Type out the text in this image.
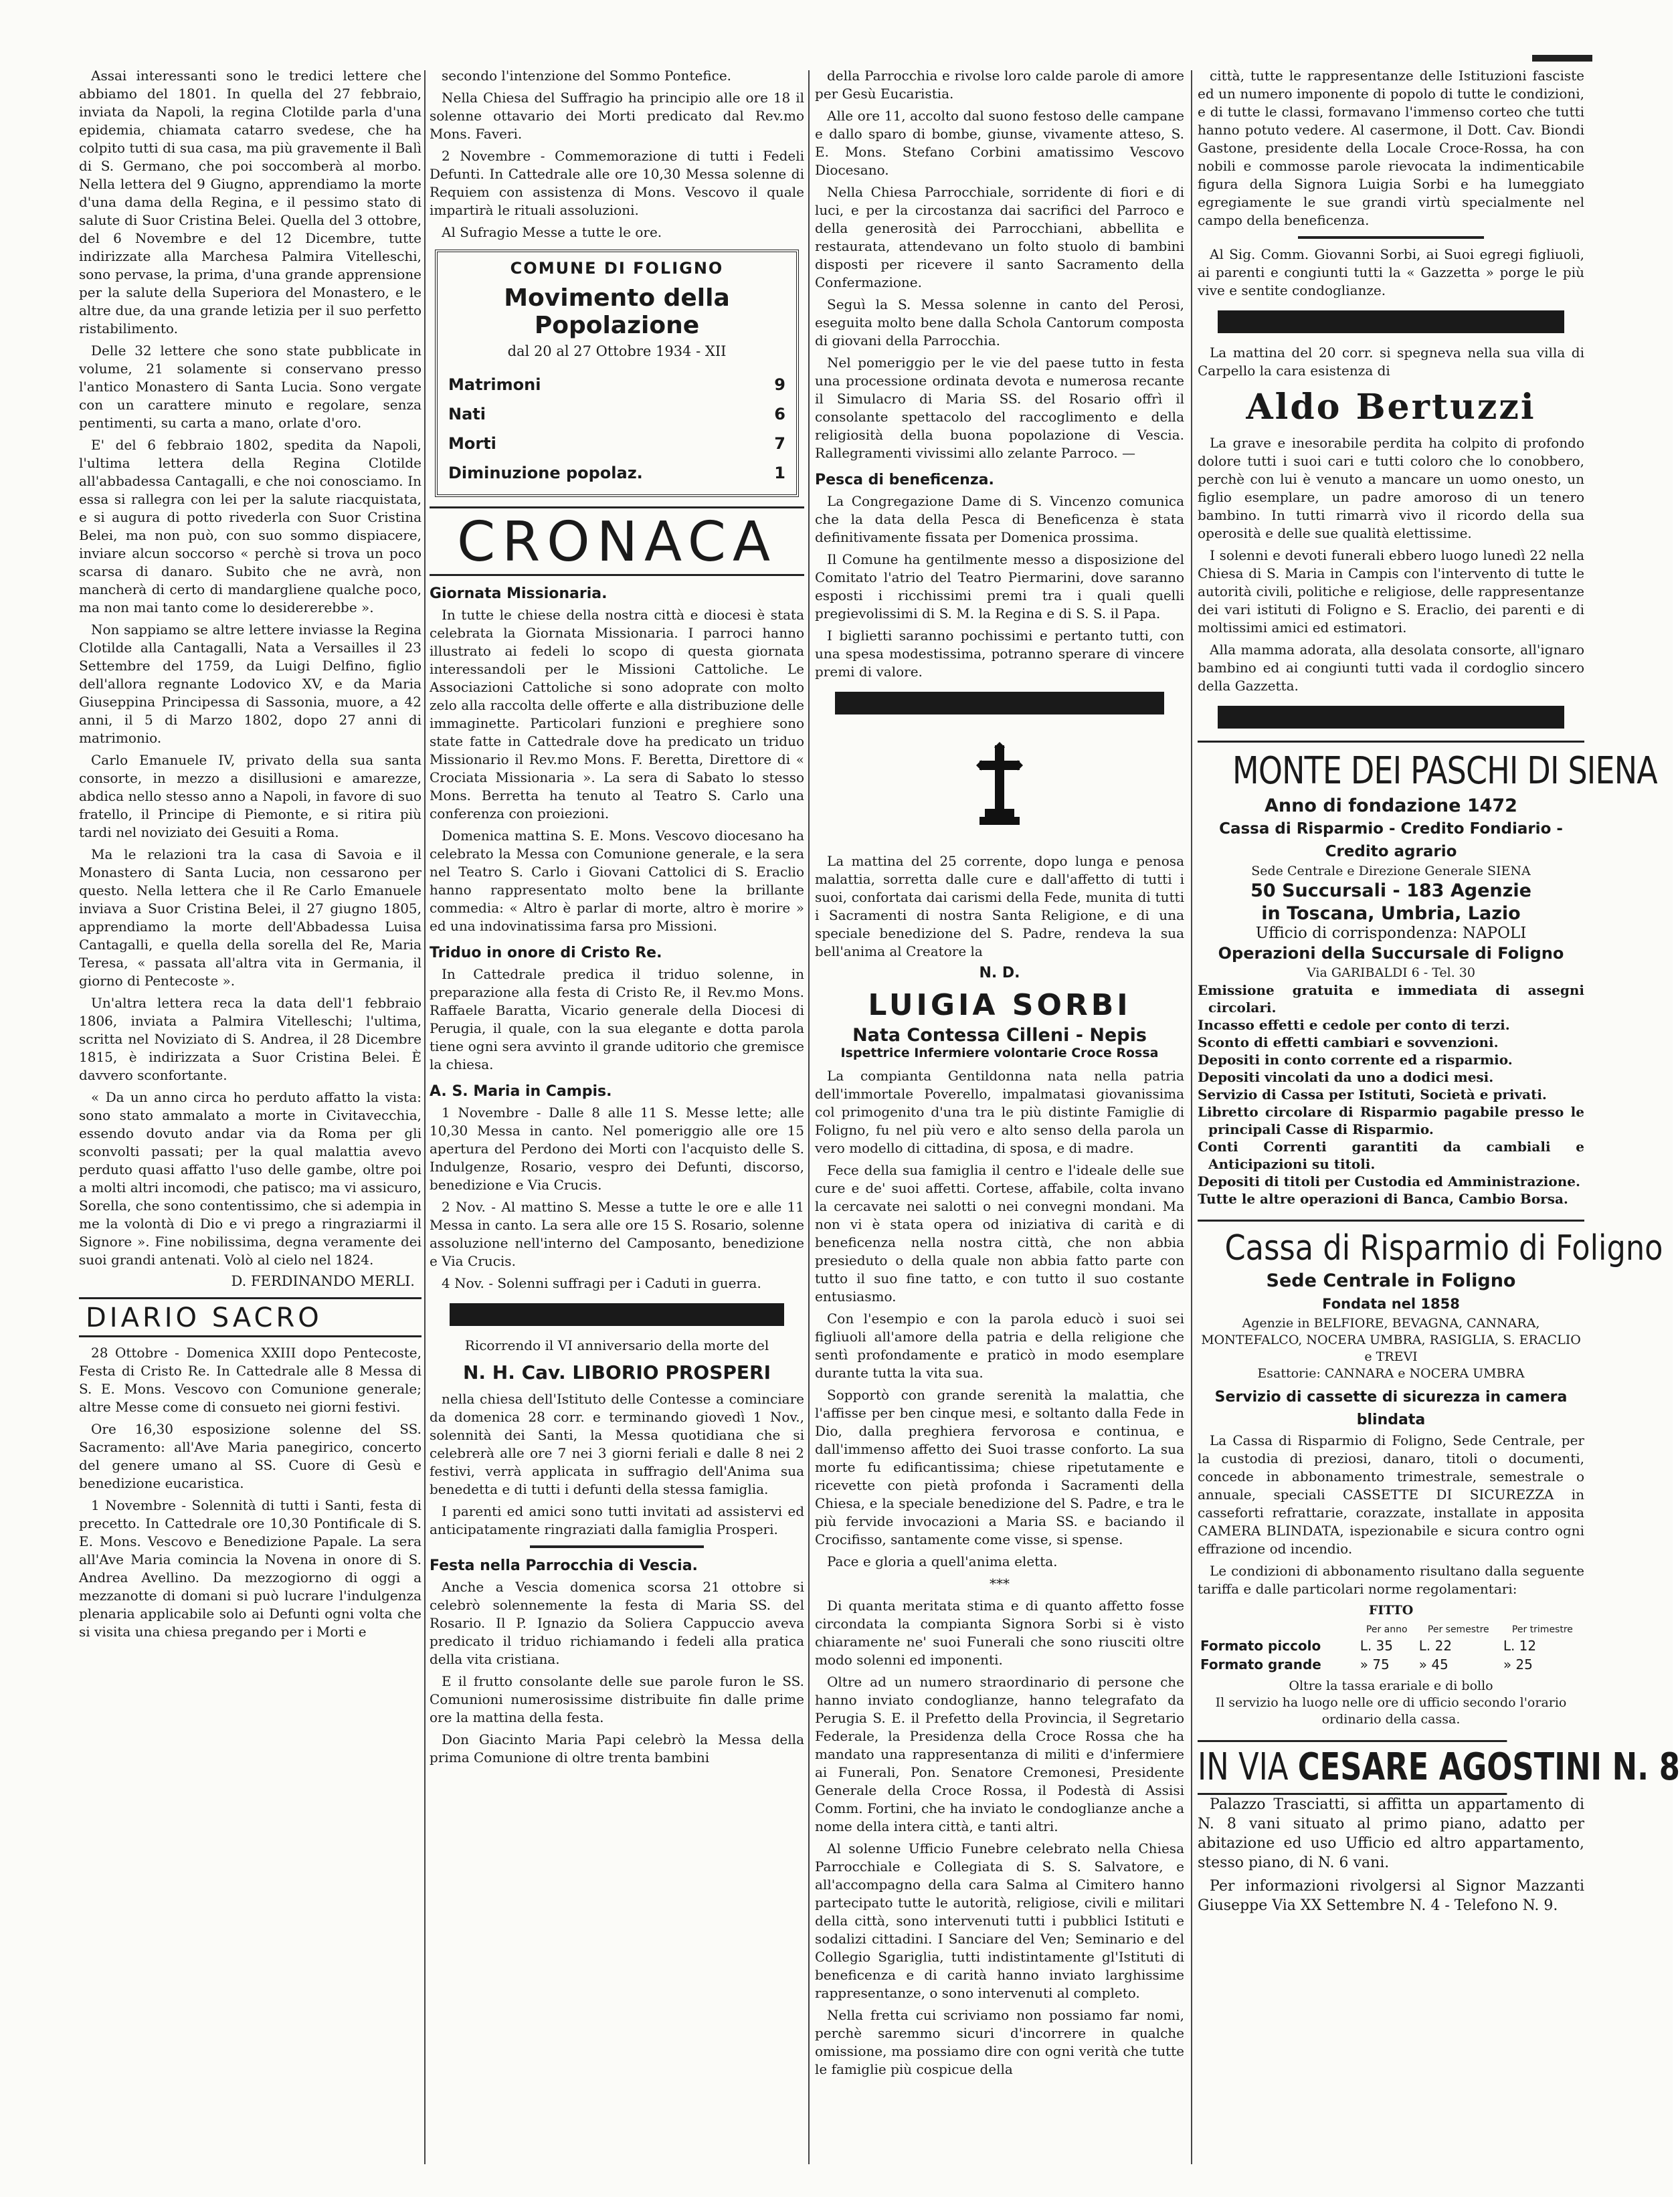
Assai interessanti sono le tredici lettere che abbiamo del 1801. In quella del 27 febbraio, inviata da Napoli, la regina Clotilde parla d'una epidemia, chiamata catarro svedese, che ha colpito tutti di sua casa, ma più gravemente il Balì di S. Germano, che poi soccomberà al morbo. Nella lettera del 9 Giugno, apprendiamo la morte d'una dama della Regina, e il pessimo stato di salute di Suor Cristina Belei. Quella del 3 ottobre, del 6 Novembre e del 12 Dicembre, tutte indirizzate alla Marchesa Palmira Vitelleschi, sono pervase, la prima, d'una grande apprensione per la salute della Superiora del Monastero, e le altre due, da una grande letizia per il suo perfetto ristabilimento.

Delle 32 lettere che sono state pubblicate in volume, 21 solamente si conservano presso l'antico Monastero di Santa Lucia. Sono vergate con un carattere minuto e regolare, senza pentimenti, su carta a mano, orlate d'oro.

E' del 6 febbraio 1802, spedita da Napoli, l'ultima lettera della Regina Clotilde all'abbadessa Cantagalli, e che noi conosciamo. In essa si rallegra con lei per la salute riacquistata, e si augura di potto rivederla con Suor Cristina Belei, ma non può, con suo sommo dispiacere, inviare alcun soccorso « perchè si trova un poco scarsa di danaro. Subito che ne avrà, non mancherà di certo di mandargliene qualche poco, ma non mai tanto come lo desidererebbe ».

Non sappiamo se altre lettere inviasse la Regina Clotilde alla Cantagalli, Nata a Versailles il 23 Settembre del 1759, da Luigi Delfino, figlio dell'allora regnante Lodovico XV, e da Maria Giuseppina Principessa di Sassonia, muore, a 42 anni, il 5 di Marzo 1802, dopo 27 anni di matrimonio.

Carlo Emanuele IV, privato della sua santa consorte, in mezzo a disillusioni e amarezze, abdica nello stesso anno a Napoli, in favore di suo fratello, il Principe di Piemonte, e si ritira più tardi nel noviziato dei Gesuiti a Roma.

Ma le relazioni tra la casa di Savoia e il Monastero di Santa Lucia, non cessarono per questo. Nella lettera che il Re Carlo Emanuele inviava a Suor Cristina Belei, il 27 giugno 1805, apprendiamo la morte dell'Abbadessa Luisa Cantagalli, e quella della sorella del Re, Maria Teresa, « passata all'altra vita in Germania, il giorno di Pentecoste ».

Un'altra lettera reca la data dell'1 febbraio 1806, inviata a Palmira Vitelleschi; l'ultima, scritta nel Noviziato di S. Andrea, il 28 Dicembre 1815, è indirizzata a Suor Cristina Belei. È davvero sconfortante.

« Da un anno circa ho perduto affatto la vista: sono stato ammalato a morte in Civitavecchia, essendo dovuto andar via da Roma per gli sconvolti passati; per la qual malattia avevo perduto quasi affatto l'uso delle gambe, oltre poi a molti altri incomodi, che patisco; ma vi assicuro, Sorella, che sono contentissimo, che si adempia in me la volontà di Dio e vi prego a ringraziarmi il Signore ». Fine nobilissima, degna veramente dei suoi grandi antenati. Volò al cielo nel 1824.

D. FERDINANDO MERLI.
DIARIO SACRO

28 Ottobre - Domenica XXIII dopo Pentecoste, Festa di Cristo Re. In Cattedrale alle 8 Messa di S. E. Mons. Vescovo con Comunione generale; altre Messe come di consueto nei giorni festivi.

Ore 16,30 esposizione solenne del SS. Sacramento: all'Ave Maria panegirico, concerto del genere umano al SS. Cuore di Gesù e benedizione eucaristica.

1 Novembre - Solennità di tutti i Santi, festa di precetto. In Cattedrale ore 10,30 Pontificale di S. E. Mons. Vescovo e Benedizione Papale. La sera all'Ave Maria comincia la Novena in onore di S. Andrea Avellino. Da mezzogiorno di oggi a mezzanotte di domani si può lucrare l'indulgenza plenaria applicabile solo ai Defunti ogni volta che si visita una chiesa pregando per i Morti e

secondo l'intenzione del Sommo Pontefice.

Nella Chiesa del Suffragio ha principio alle ore 18 il solenne ottavario dei Morti predicato dal Rev.mo Mons. Faveri.

2 Novembre - Commemorazione di tutti i Fedeli Defunti. In Cattedrale alle ore 10,30 Messa solenne di Requiem con assistenza di Mons. Vescovo il quale impartirà le rituali assoluzioni.

Al Sufragio Messe a tutte le ore.

COMUNE DI FOLIGNO
Movimento della Popolazione
dal 20 al 27 Ottobre 1934 - XII
Matrimoni	9
Nati	6
Morti	7
Diminuzione popolaz.	1
CRONACA
Giornata Missionaria.

In tutte le chiese della nostra città e diocesi è stata celebrata la Giornata Missionaria. I parroci hanno illustrato ai fedeli lo scopo di questa giornata interessandoli per le Missioni Cattoliche. Le Associazioni Cattoliche si sono adoprate con molto zelo alla raccolta delle offerte e alla distribuzione delle immaginette. Particolari funzioni e preghiere sono state fatte in Cattedrale dove ha predicato un triduo Missionario il Rev.mo Mons. F. Beretta, Direttore di « Crociata Missionaria ». La sera di Sabato lo stesso Mons. Berretta ha tenuto al Teatro S. Carlo una conferenza con proiezioni.

Domenica mattina S. E. Mons. Vescovo diocesano ha celebrato la Messa con Comunione generale, e la sera nel Teatro S. Carlo i Giovani Cattolici di S. Eraclio hanno rappresentato molto bene la brillante commedia: « Altro è parlar di morte, altro è morire » ed una indovinatissima farsa pro Missioni.

Triduo in onore di Cristo Re.

In Cattedrale predica il triduo solenne, in preparazione alla festa di Cristo Re, il Rev.mo Mons. Raffaele Baratta, Vicario generale della Diocesi di Perugia, il quale, con la sua elegante e dotta parola tiene ogni sera avvinto il grande uditorio che gremisce la chiesa.

A. S. Maria in Campis.

1 Novembre - Dalle 8 alle 11 S. Messe lette; alle 10,30 Messa in canto. Nel pomeriggio alle ore 15 apertura del Perdono dei Morti con l'acquisto delle S. Indulgenze, Rosario, vespro dei Defunti, discorso, benedizione e Via Crucis.

2 Nov. - Al mattino S. Messe a tutte le ore e alle 11 Messa in canto. La sera alle ore 15 S. Rosario, solenne assoluzione nell'interno del Camposanto, benedizione e Via Crucis.

4 Nov. - Solenni suffragi per i Caduti in guerra.

Ricorrendo il VI anniversario della morte del

N. H. Cav. LIBORIO PROSPERI

nella chiesa dell'Istituto delle Contesse a cominciare da domenica 28 corr. e terminando giovedì 1 Nov., solennità dei Santi, la Messa quotidiana che si celebrerà alle ore 7 nei 3 giorni feriali e dalle 8 nei 2 festivi, verrà applicata in suffragio dell'Anima sua benedetta e di tutti i defunti della stessa famiglia.

I parenti ed amici sono tutti invitati ad assistervi ed anticipatamente ringraziati dalla famiglia Prosperi.

Festa nella Parrocchia di Vescia.

Anche a Vescia domenica scorsa 21 ottobre si celebrò solennemente la festa di Maria SS. del Rosario. Il P. Ignazio da Soliera Cappuccio aveva predicato il triduo richiamando i fedeli alla pratica della vita cristiana.

E il frutto consolante delle sue parole furon le SS. Comunioni numerosissime distribuite fin dalle prime ore la mattina della festa.

Don Giacinto Maria Papi celebrò la Messa della prima Comunione di oltre trenta bambini

della Parrocchia e rivolse loro calde parole di amore per Gesù Eucaristia.

Alle ore 11, accolto dal suono festoso delle campane e dallo sparo di bombe, giunse, vivamente atteso, S. E. Mons. Stefano Corbini amatissimo Vescovo Diocesano.

Nella Chiesa Parrocchiale, sorridente di fiori e di luci, e per la circostanza dai sacrifici del Parroco e della generosità dei Parrocchiani, abbellita e restaurata, attendevano un folto stuolo di bambini disposti per ricevere il santo Sacramento della Confermazione.

Seguì la S. Messa solenne in canto del Perosi, eseguita molto bene dalla Schola Cantorum composta di giovani della Parrocchia.

Nel pomeriggio per le vie del paese tutto in festa una processione ordinata devota e numerosa recante il Simulacro di Maria SS. del Rosario offrì il consolante spettacolo del raccoglimento e della religiosità della buona popolazione di Vescia. Rallegramenti vivissimi allo zelante Parroco. —

Pesca di beneficenza.

La Congregazione Dame di S. Vincenzo comunica che la data della Pesca di Beneficenza è stata definitivamente fissata per Domenica prossima.

Il Comune ha gentilmente messo a disposizione del Comitato l'atrio del Teatro Piermarini, dove saranno esposti i ricchissimi premi tra i quali quelli pregievolissimi di S. M. la Regina e di S. S. il Papa.

I biglietti saranno pochissimi e pertanto tutti, con una spesa modestissima, potranno sperare di vincere premi di valore.

La mattina del 25 corrente, dopo lunga e penosa malattia, sorretta dalle cure e dall'affetto di tutti i suoi, confortata dai carismi della Fede, munita di tutti i Sacramenti di nostra Santa Religione, e di una speciale benedizione del S. Padre, rendeva la sua bell'anima al Creatore la

N. D.
LUIGIA SORBI
Nata Contessa Cilleni - Nepis
Ispettrice Infermiere volontarie Croce Rossa

La compianta Gentildonna nata nella patria dell'immortale Poverello, impalmatasi giovanissima col primogenito d'una tra le più distinte Famiglie di Foligno, fu nel più vero e alto senso della parola un vero modello di cittadina, di sposa, e di madre.

Fece della sua famiglia il centro e l'ideale delle sue cure e de' suoi affetti. Cortese, affabile, colta invano la cercavate nei salotti o nei convegni mondani. Ma non vi è stata opera od iniziativa di carità e di beneficenza nella nostra città, che non abbia presieduto o della quale non abbia fatto parte con tutto il suo fine tatto, e con tutto il suo costante entusiasmo.

Con l'esempio e con la parola educò i suoi sei figliuoli all'amore della patria e della religione che sentì profondamente e praticò in modo esemplare durante tutta la vita sua.

Sopportò con grande serenità la malattia, che l'affisse per ben cinque mesi, e soltanto dalla Fede in Dio, dalla preghiera fervorosa e continua, e dall'immenso affetto dei Suoi trasse conforto. La sua morte fu edificantissima; chiese ripetutamente e ricevette con pietà profonda i Sacramenti della Chiesa, e la speciale benedizione del S. Padre, e tra le più fervide invocazioni a Maria SS. e baciando il Crocifisso, santamente come visse, si spense.

Pace e gloria a quell'anima eletta.

***

Di quanta meritata stima e di quanto affetto fosse circondata la compianta Signora Sorbi si è visto chiaramente ne' suoi Funerali che sono riusciti oltre modo solenni ed imponenti.

Oltre ad un numero straordinario di persone che hanno inviato condoglianze, hanno telegrafato da Perugia S. E. il Prefetto della Provincia, il Segretario Federale, la Presidenza della Croce Rossa che ha mandato una rappresentanza di militi e d'infermiere ai Funerali, Pon. Senatore Cremonesi, Presidente Generale della Croce Rossa, il Podestà di Assisi Comm. Fortini, che ha inviato le condoglianze anche a nome della intera città, e tanti altri.

Al solenne Ufficio Funebre celebrato nella Chiesa Parrocchiale e Collegiata di S. S. Salvatore, e all'accompagno della cara Salma al Cimitero hanno partecipato tutte le autorità, religiose, civili e militari della città, sono intervenuti tutti i pubblici Istituti e sodalizi cittadini. I Sanciare del Ven; Seminario e del Collegio Sgariglia, tutti indistintamente gl'Istituti di beneficenza e di carità hanno inviato larghissime rappresentanze, o sono intervenuti al completo.

Nella fretta cui scriviamo non possiamo far nomi, perchè saremmo sicuri d'incorrere in qualche omissione, ma possiamo dire con ogni verità che tutte le famiglie più cospicue della

città, tutte le rappresentanze delle Istituzioni fasciste ed un numero imponente di popolo di tutte le condizioni, e di tutte le classi, formavano l'immenso corteo che tutti hanno potuto vedere. Al casermone, il Dott. Cav. Biondi Gastone, presidente della Locale Croce-Rossa, ha con nobili e commosse parole rievocata la indimenticabile figura della Signora Luigia Sorbi e ha lumeggiato egregiamente le sue grandi virtù specialmente nel campo della beneficenza.

Al Sig. Comm. Giovanni Sorbi, ai Suoi egregi figliuoli, ai parenti e congiunti tutti la « Gazzetta » porge le più vive e sentite condoglianze.

La mattina del 20 corr. si spegneva nella sua villa di Carpello la cara esistenza di

Aldo Bertuzzi

La grave e inesorabile perdita ha colpito di profondo dolore tutti i suoi cari e tutti coloro che lo conobbero, perchè con lui è venuto a mancare un uomo onesto, un figlio esemplare, un padre amoroso di un tenero bambino. In tutti rimarrà vivo il ricordo della sua operosità e delle sue qualità elettissime.

I solenni e devoti funerali ebbero luogo lunedì 22 nella Chiesa di S. Maria in Campis con l'intervento di tutte le autorità civili, politiche e religiose, delle rappresentanze dei vari istituti di Foligno e S. Eraclio, dei parenti e di moltissimi amici ed estimatori.

Alla mamma adorata, alla desolata consorte, all'ignaro bambino ed ai congiunti tutti vada il cordoglio sincero della Gazzetta.

MONTE DEI PASCHI DI SIENA
Anno di fondazione 1472
Cassa di Risparmio - Credito Fondiario - Credito agrario
Sede Centrale e Direzione Generale SIENA
50 Succursali - 183 Agenzie
in Toscana, Umbria, Lazio
Ufficio di corrispondenza: NAPOLI
Operazioni della Succursale di Foligno
Via GARIBALDI 6 - Tel. 30

Emissione gratuita e immediata di assegni circolari.

Incasso effetti e cedole per conto di terzi.

Sconto di effetti cambiari e sovvenzioni.

Depositi in conto corrente ed a risparmio.

Depositi vincolati da uno a dodici mesi.

Servizio di Cassa per Istituti, Società e privati.

Libretto circolare di Risparmio pagabile presso le principali Casse di Risparmio.

Conti Correnti garantiti da cambiali e Anticipazioni su titoli.

Depositi di titoli per Custodia ed Amministrazione.

Tutte le altre operazioni di Banca, Cambio Borsa.

Cassa di Risparmio di Foligno
Sede Centrale in Foligno
Fondata nel 1858
Agenzie in BELFIORE, BEVAGNA, CANNARA, MONTEFALCO, NOCERA UMBRA, RASIGLIA, S. ERACLIO e TREVI
Esattorie: CANNARA e NOCERA UMBRA
Servizio di cassette di sicurezza in camera blindata

La Cassa di Risparmio di Foligno, Sede Centrale, per la custodia di preziosi, danaro, titoli o documenti, concede in abbonamento trimestrale, semestrale o annuale, speciali CASSETTE DI SICUREZZA in casseforti refrattarie, corazzate, installate in apposita CAMERA BLINDATA, ispezionabile e sicura contro ogni effrazione od incendio.

Le condizioni di abbonamento risultano dalla seguente tariffa e dalle particolari norme regolamentari:

FITTO
	Per anno	Per semestre	Per trimestre
Formato piccolo	L. 35	L. 22	L. 12
Formato grande	» 75	» 45	» 25
Oltre la tassa erariale e di bollo
Il servizio ha luogo nelle ore di ufficio secondo l'orario ordinario della cassa.
IN VIA CESARE AGOSTINI N. 8

Palazzo Trasciatti, si affitta un appartamento di N. 8 vani situato al primo piano, adatto per abitazione ed uso Ufficio ed altro appartamento, stesso piano, di N. 6 vani.

Per informazioni rivolgersi al Signor Mazzanti Giuseppe Via XX Settembre N. 4 - Telefono N. 9.
